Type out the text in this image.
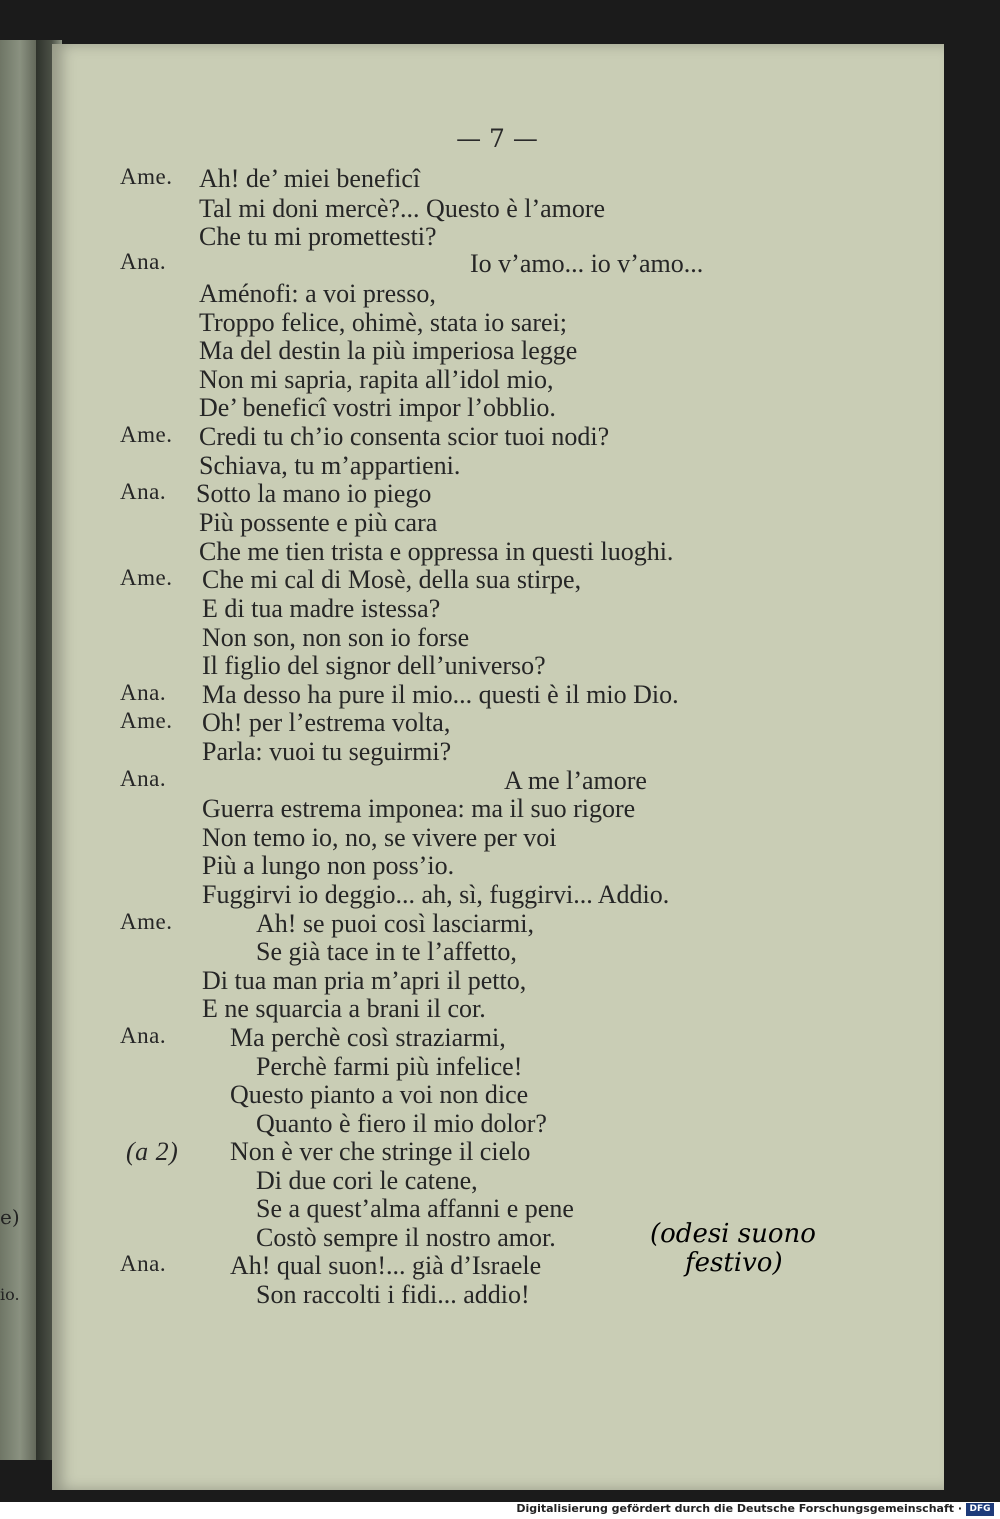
e)
io.
— 7 —
Ame. Ah! de’ miei beneficî
Tal mi doni mercè?... Questo è l’amore
Che tu mi promettesti?
Ana.	Io v’amo... io v’amo...
Aménofi: a voi presso,
Troppo felice, ohimè, stata io sarei;
Ma del destin la più imperiosa legge
Non mi sapria, rapita all’idol mio,
De’ beneficî vostri impor l’obblio.
Ame. Credi tu ch’io consenta scior tuoi nodi?
Schiava, tu m’appartieni.
Ana. Sotto la mano io piego
Più possente e più cara
Che me tien trista e oppressa in questi luoghi.
Ame. Che mi cal di Mosè, della sua stirpe,
E di tua madre istessa?
Non son, non son io forse
Il figlio del signor dell’universo?
Ana. Ma desso ha pure il mio... questi è il mio Dio.
Ame. Oh! per l’estrema volta,
Parla: vuoi tu seguirmi?
Ana.	A me l’amore
Guerra estrema imponea: ma il suo rigore
Non temo io, no, se vivere per voi
Più a lungo non poss’io.
Fuggirvi io deggio... ah, sì, fuggirvi... Addio.
Ame.	Ah! se puoi così lasciarmi,
Se già tace in te l’affetto,
Di tua man pria m’apri il petto,
E ne squarcia a brani il cor.
Ana. Ma perchè così straziarmi,
Perchè farmi più infelice!
Questo pianto a voi non dice
Quanto è fiero il mio dolor?
(a 2) Non è ver che stringe il cielo
Di due cori le catene,
Se a quest’alma affanni e pene
Costò sempre il nostro amor.
Ana. Ah! qual suon!... già d’Israele
Son raccolti i fidi... addio!
(odesi suono
festivo)
Digitalisierung gefördert durch die Deutsche Forschungsgemeinschaft · DFG
